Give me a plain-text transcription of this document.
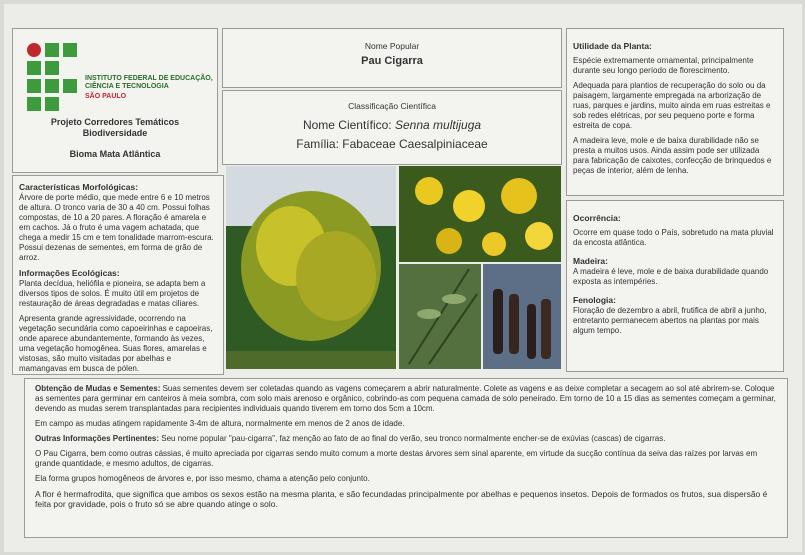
INSTITUTO FEDERAL DE EDUCAÇÃO, CIÊNCIA E TECNOLOGIA
SÃO PAULO
Projeto Corredores Temáticos
Biodiversidade
Bioma Mata Atlântica
Nome Popular
Pau Cigarra
Classificação Científica
Nome Científico: Senna multijuga
Família: Fabaceae Caesalpiniaceae
Características Morfológicas:

Árvore de porte médio, que mede entre 6 e 10 metros de altura. O tronco varia de 30 a 40 cm. Possui folhas compostas, de 10 a 20 pares. A floração é amarela e em cachos. Já o fruto é uma vagem achatada, que chega a medir 15 cm e tem tonalidade marrom-escura. Possui dezenas de sementes, em forma de grão de arroz.

Informações Ecológicas:

Planta decídua, heliófila e pioneira, se adapta bem a diversos tipos de solos. É muito útil em projetos de restauração de áreas degradadas e matas ciliares.

Apresenta grande agressividade, ocorrendo na vegetação secundária como capoeirinhas e capoeiras, onde aparece abundantemente, formando às vezes, uma vegetação homogênea. Suas flores, amarelas e vistosas, são muito visitadas por abelhas e mamangavas em busca de pólen.

Utilidade da Planta:

Espécie extremamente ornamental, principalmente durante seu longo período de florescimento.

Adequada para plantios de recuperação do solo ou da paisagem, largamente empregada na arborização de ruas, parques e jardins, muito ainda em ruas estreitas e sob redes elétricas, por seu pequeno porte e forma estreita de copa.

A madeira leve, mole e de baixa durabilidade não se presta a muitos usos. Ainda assim pode ser utilizada para fabricação de caixotes, confecção de brinquedos e peças de interior, além de lenha.

Ocorrência:

Ocorre em quase todo o País, sobretudo na mata pluvial da encosta atlântica.

Madeira:

A madeira é leve, mole e de baixa durabilidade quando exposta as intempéries.

Fenologia:

Floração de dezembro a abril, frutifica de abril a junho, entretanto permanecem abertos na plantas por mais algum tempo.

Obtenção de Mudas e Sementes: Suas sementes devem ser coletadas quando as vagens começarem a abrir naturalmente. Colete as vagens e as deixe completar a secagem ao sol até abrirem-se. Coloque as sementes para germinar em canteiros à meia sombra, com solo mais arenoso e orgânico, cobrindo-as com pequena camada de solo peneirado. Em torno de 10 a 15 dias as sementes começam a germinar, devendo as mudas serem transplantadas para recipientes individuais quando tiverem em torno dos 5cm a 10cm.

Em campo as mudas atingem rapidamente 3-4m de altura, normalmente em menos de 2 anos de idade.

Outras Informações Pertinentes: Seu nome popular "pau-cigarra", faz menção ao fato de ao final do verão, seu tronco normalmente encher-se de exúvias (cascas) de cigarras.

O Pau Cigarra, bem como outras cássias, é muito apreciada por cigarras sendo muito comum a morte destas árvores sem sinal aparente, em virtude da sucção contínua da seiva das raízes por larvas em grande quantidade, e mesmo adultos, de cigarras.

Ela forma grupos homogêneos de árvores e, por isso mesmo, chama a atenção pelo conjunto.

A flor é hermafrodita, que significa que ambos os sexos estão na mesma planta, e são fecundadas principalmente por abelhas e pequenos insetos. Depois de formados os frutos, sua dispersão é feita por gravidade, pois o fruto só se abre quando atinge o solo.
